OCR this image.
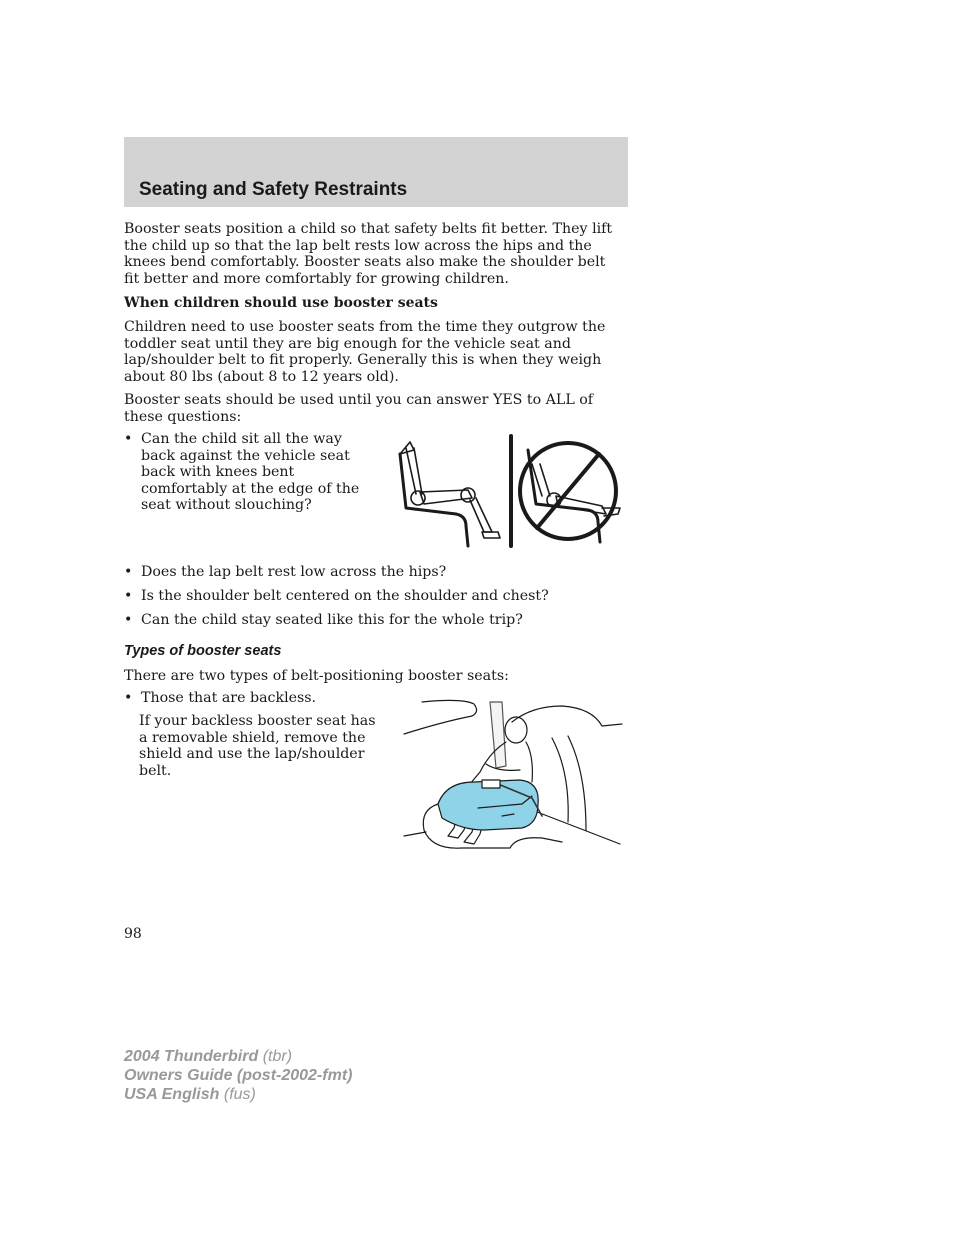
Seating and Safety Restraints

Booster seats position a child so that safety belts fit better. They lift the child up so that the lap belt rests low across the hips and the knees bend comfortably. Booster seats also make the shoulder belt fit better and more comfortably for growing children.

When children should use booster seats

Children need to use booster seats from the time they outgrow the toddler seat until they are big enough for the vehicle seat and lap/shoulder belt to fit properly. Generally this is when they weigh about 80 lbs (about 8 to 12 years old).

Booster seats should be used until you can answer YES to ALL of these questions:

• Can the child sit all the way back against the vehicle seat back with knees bent comfortably at the edge of the seat without slouching?
• Does the lap belt rest low across the hips?
• Is the shoulder belt centered on the shoulder and chest?
• Can the child stay seated like this for the whole trip?

Types of booster seats

There are two types of belt-positioning booster seats:

• Those that are backless.

If your backless booster seat has a removable shield, remove the shield and use the lap/shoulder belt.

98
2004 Thunderbird (tbr)
Owners Guide (post-2002-fmt)
USA English (fus)
